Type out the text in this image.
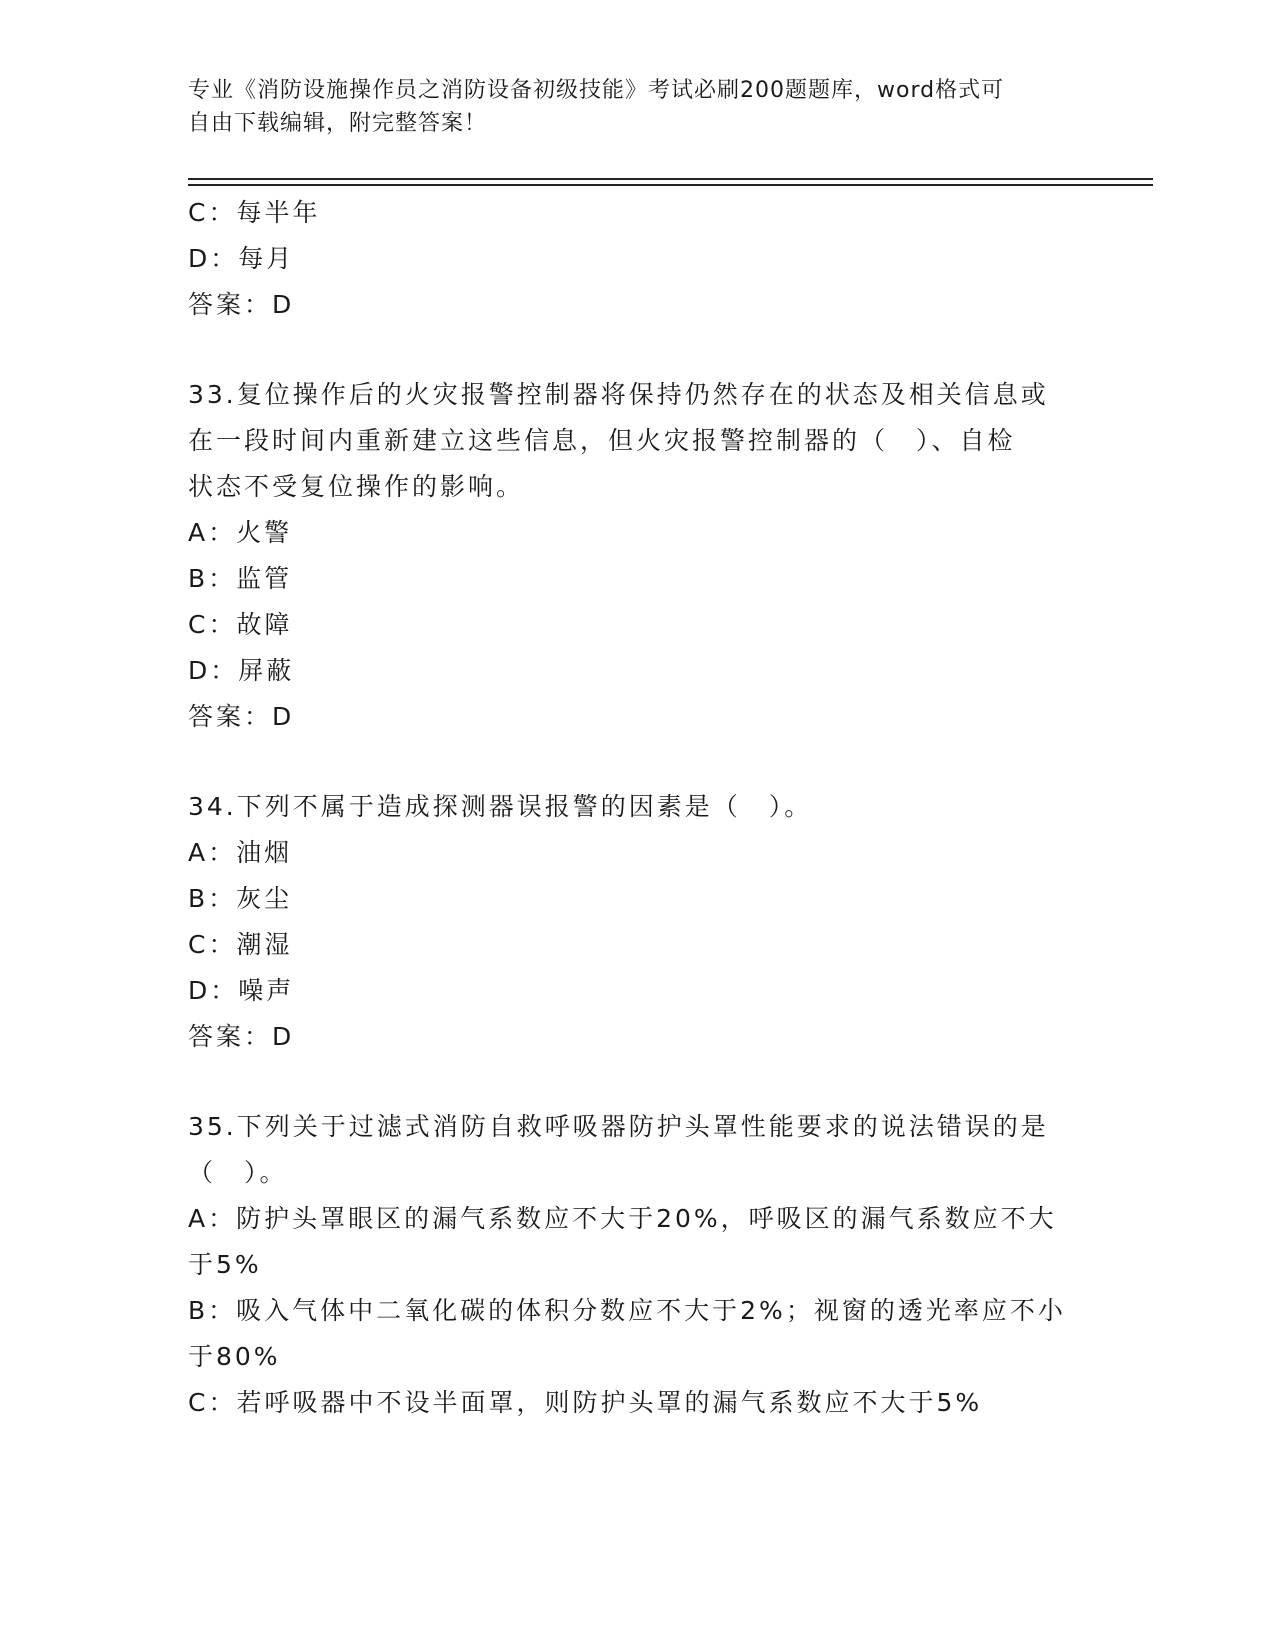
专业《消防设施操作员之消防设备初级技能》考试必刷200题题库，word格式可
自由下载编辑，附完整答案！
C：每半年
D：每月
答案：D
33.复位操作后的火灾报警控制器将保持仍然存在的状态及相关信息或
在一段时间内重新建立这些信息，但火灾报警控制器的（　）、自检
状态不受复位操作的影响。
A：火警
B：监管
C：故障
D：屏蔽
答案：D
34.下列不属于造成探测器误报警的因素是（　）。
A：油烟
B：灰尘
C：潮湿
D：噪声
答案：D
35.下列关于过滤式消防自救呼吸器防护头罩性能要求的说法错误的是
（　）。
A：防护头罩眼区的漏气系数应不大于20%，呼吸区的漏气系数应不大
于5%
B：吸入气体中二氧化碳的体积分数应不大于2%；视窗的透光率应不小
于80%
C：若呼吸器中不设半面罩，则防护头罩的漏气系数应不大于5%
